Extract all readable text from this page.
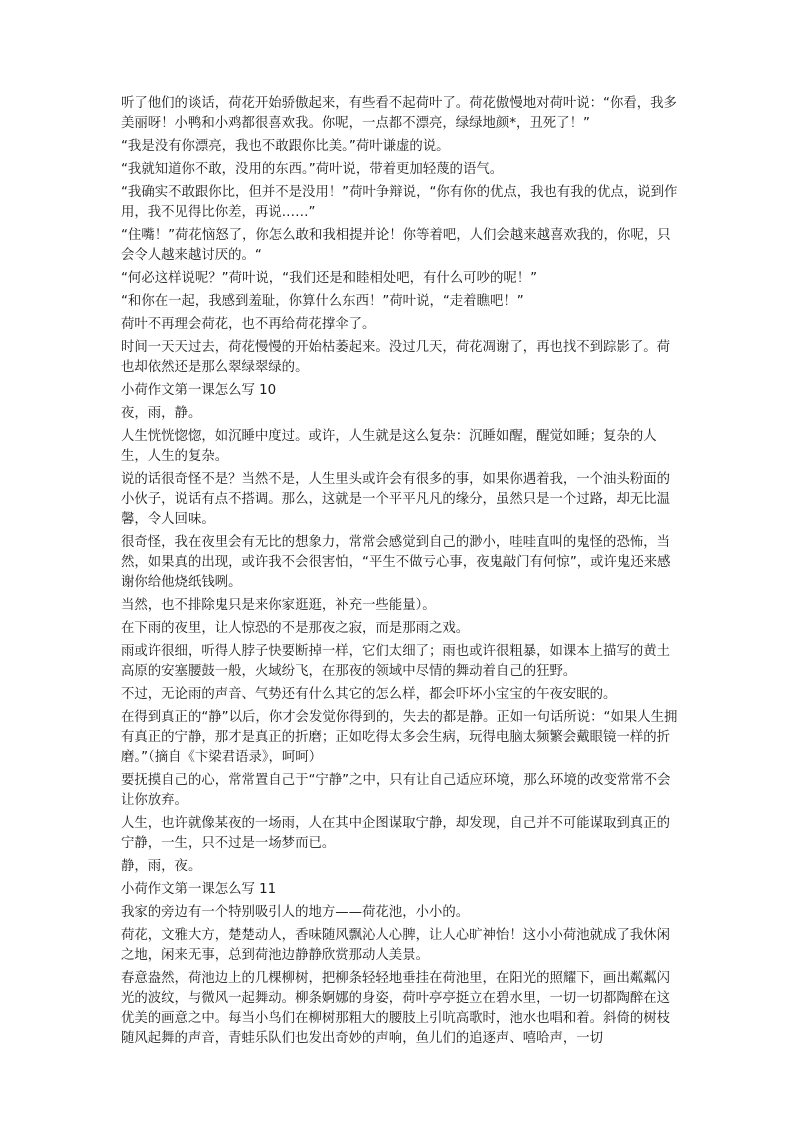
听了他们的谈话，荷花开始骄傲起来，有些看不起荷叶了。荷花傲慢地对荷叶说：“你看，我多美丽呀！小鸭和小鸡都很喜欢我。你呢，一点都不漂亮，绿绿地颜*，丑死了！”

“我是没有你漂亮，我也不敢跟你比美。”荷叶谦虚的说。

“我就知道你不敢，没用的东西。”荷叶说，带着更加轻蔑的语气。

“我确实不敢跟你比，但并不是没用！”荷叶争辩说，“你有你的优点，我也有我的优点，说到作用，我不见得比你差，再说……”

“住嘴！”荷花恼怒了，你怎么敢和我相提并论！你等着吧，人们会越来越喜欢我的，你呢，只会令人越来越讨厌的。“

“何必这样说呢？”荷叶说，“我们还是和睦相处吧，有什么可吵的呢！”

“和你在一起，我感到羞耻，你算什么东西！”荷叶说，“走着瞧吧！”

荷叶不再理会荷花，也不再给荷花撑伞了。

时间一天天过去，荷花慢慢的开始枯萎起来。没过几天，荷花凋谢了，再也找不到踪影了。荷也却依然还是那么翠绿翠绿的。

小荷作文第一课怎么写 10

夜，雨，静。

人生恍恍惚惚，如沉睡中度过。或许，人生就是这么复杂：沉睡如醒，醒觉如睡；复杂的人生，人生的复杂。

说的话很奇怪不是？当然不是，人生里头或许会有很多的事，如果你遇着我，一个油头粉面的小伙子，说话有点不搭调。那么，这就是一个平平凡凡的缘分，虽然只是一个过路，却无比温馨，令人回味。

很奇怪，我在夜里会有无比的想象力，常常会感觉到自己的渺小，哇哇直叫的鬼怪的恐怖，当然，如果真的出现，或许我不会很害怕，“平生不做亏心事，夜鬼敲门有何惊”，或许鬼还来感谢你给他烧纸钱咧。

当然，也不排除鬼只是来你家逛逛，补充一些能量）。

在下雨的夜里，让人惊恐的不是那夜之寂，而是那雨之戏。

雨或许很细，听得人脖子快要断掉一样，它们太细了；雨也或许很粗暴，如课本上描写的黄土高原的安塞腰鼓一般，火域纷飞，在那夜的领域中尽情的舞动着自己的狂野。

不过，无论雨的声音、气势还有什么其它的怎么样，都会吓坏小宝宝的午夜安眠的。

在得到真正的“静”以后，你才会发觉你得到的，失去的都是静。正如一句话所说：“如果人生拥有真正的宁静，那才是真正的折磨；正如吃得太多会生病，玩得电脑太频繁会戴眼镜一样的折磨。”（摘自《卞梁君语录》，呵呵）

要抚摸自己的心，常常置自己于“宁静”之中，只有让自己适应环境，那么环境的改变常常不会让你放弃。

人生，也许就像某夜的一场雨，人在其中企图谋取宁静，却发现，自己并不可能谋取到真正的宁静，一生，只不过是一场梦而已。

静，雨，夜。

小荷作文第一课怎么写 11

我家的旁边有一个特别吸引人的地方——荷花池，小小的。

荷花，文雅大方，楚楚动人，香味随风飘沁人心脾，让人心旷神怡！这小小荷池就成了我休闲之地，闲来无事，总到荷池边静静欣赏那动人美景。

春意盎然，荷池边上的几棵柳树，把柳条轻轻地垂挂在荷池里，在阳光的照耀下，画出粼粼闪光的波纹，与微风一起舞动。柳条婀娜的身姿，荷叶亭亭挺立在碧水里，一切一切都陶醉在这优美的画意之中。每当小鸟们在柳树那粗大的腰肢上引吭高歌时，池水也唱和着。斜倚的树枝随风起舞的声音，青蛙乐队们也发出奇妙的声响，鱼儿们的追逐声、嘻哈声，一切
